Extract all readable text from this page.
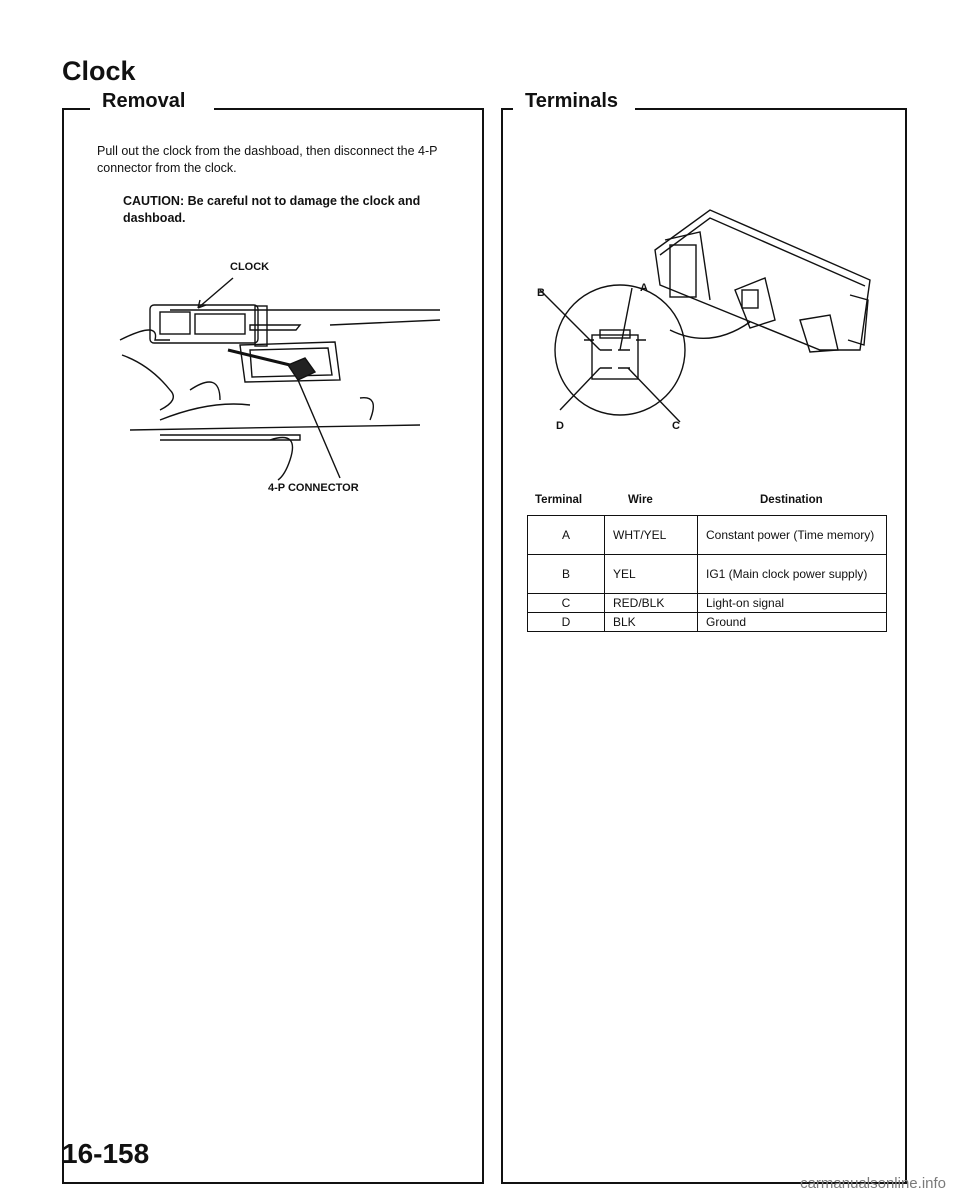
Clock
Removal
Pull out the clock from the dashboad, then disconnect the 4-P connector from the clock.
CAUTION: Be careful not to damage the clock and dashboad.
CLOCK
4-P CONNECTOR
Terminals
B	A
D	C
Terminal	Wire	Destination
A	WHT/YEL	Constant power (Time memory)
B	YEL	IG1 (Main clock power supply)
C	RED/BLK	Light-on signal
D	BLK	Ground
16-158
carmanualsonline.info
